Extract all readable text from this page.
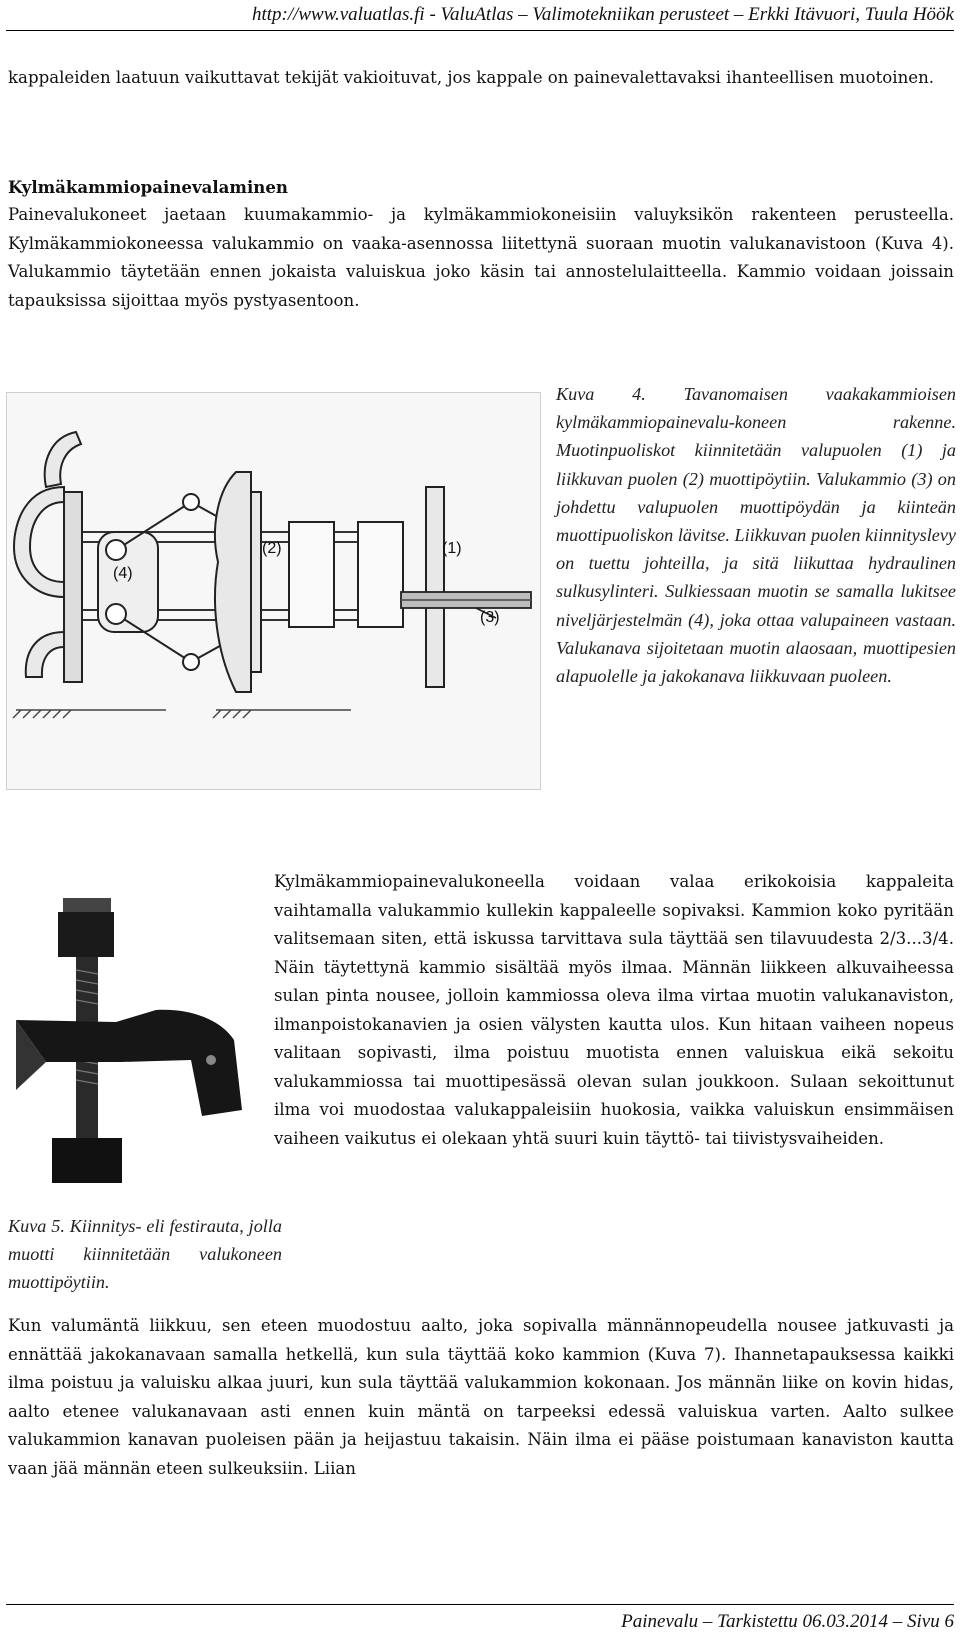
http://www.valuatlas.fi - ValuAtlas – Valimotekniikan perusteet – Erkki Itävuori, Tuula Höök

kappaleiden laatuun vaikuttavat tekijät vakioituvat, jos kappale on painevalettavaksi ihanteellisen muotoinen.

Kylmäkammiopainevalaminen

Painevalukoneet jaetaan kuumakammio- ja kylmäkammiokoneisiin valuyksikön rakenteen perusteella. Kylmäkammiokoneessa valukammio on vaaka-asennossa liitettynä suoraan muotin valukanavistoon (Kuva 4). Valukammio täytetään ennen jokaista valuiskua joko käsin tai annostelulaitteella. Kammio voidaan joissain tapauksissa sijoittaa myös pystyasentoon.

(2)	(1)
(3)
(4)

Kuva 4. Tavanomaisen vaakakammioisen kylmäkammiopainevalu-koneen rakenne. Muotinpuoliskot kiinnitetään valupuolen (1) ja liikkuvan puolen (2) muottipöytiin. Valukammio (3) on johdettu valupuolen muottipöydän ja kiinteän muottipuoliskon lävitse. Liikkuvan puolen kiinnityslevy on tuettu johteilla, ja sitä liikuttaa hydraulinen sulkusylinteri. Sulkiessaan muotin se samalla lukitsee niveljärjestelmän (4), joka ottaa valupaineen vastaan. Valukanava sijoitetaan muotin alaosaan, muottipesien alapuolelle ja jakokanava liikkuvaan puoleen.

Kuva 5. Kiinnitys- eli festirauta, jolla muotti kiinnitetään valukoneen muottipöytiin.

Kylmäkammiopainevalukoneella voidaan valaa erikokoisia kappaleita vaihtamalla valukammio kullekin kappaleelle sopivaksi. Kammion koko pyritään valitsemaan siten, että iskussa tarvittava sula täyttää sen tilavuudesta 2/3...3/4. Näin täytettynä kammio sisältää myös ilmaa. Männän liikkeen alkuvaiheessa sulan pinta nousee, jolloin kammiossa oleva ilma virtaa muotin valukanaviston, ilmanpoistokanavien ja osien välysten kautta ulos. Kun hitaan vaiheen nopeus valitaan sopivasti, ilma poistuu muotista ennen valuiskua eikä sekoitu valukammiossa tai muottipesässä olevan sulan joukkoon. Sulaan sekoittunut ilma voi muodostaa valukappaleisiin huokosia, vaikka valuiskun ensimmäisen vaiheen vaikutus ei olekaan yhtä suuri kuin täyttö- tai tiivistysvaiheiden.

Kun valumäntä liikkuu, sen eteen muodostuu aalto, joka sopivalla männännopeudella nousee jatkuvasti ja ennättää jakokanavaan samalla hetkellä, kun sula täyttää koko kammion (Kuva 7). Ihannetapauksessa kaikki ilma poistuu ja valuisku alkaa juuri, kun sula täyttää valukammion kokonaan. Jos männän liike on kovin hidas, aalto etenee valukanavaan asti ennen kuin mäntä on tarpeeksi edessä valuiskua varten. Aalto sulkee valukammion kanavan puoleisen pään ja heijastuu takaisin. Näin ilma ei pääse poistumaan kanaviston kautta vaan jää männän eteen sulkeuksiin. Liian

Painevalu – Tarkistettu 06.03.2014 – Sivu 6
